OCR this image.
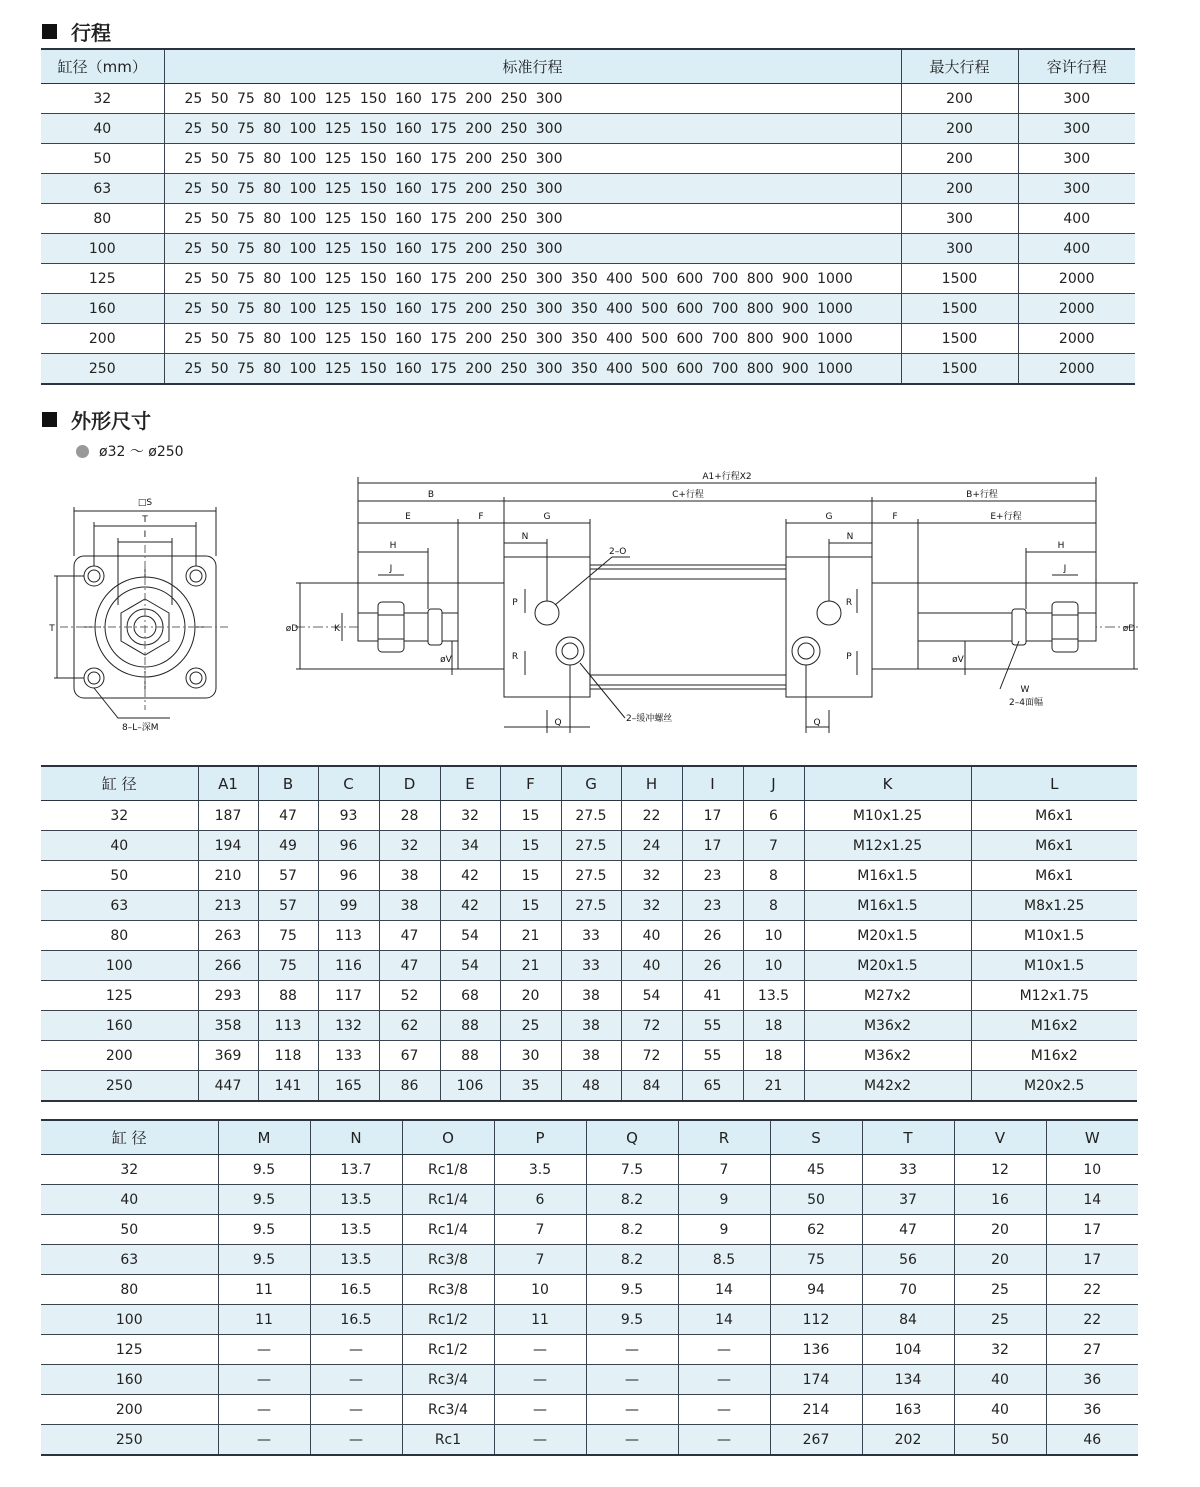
行程
缸径（mm）	标准行程	最大行程	容许行程
32	25 50 75 80 100 125 150 160 175 200 250 300	200	300
40	25 50 75 80 100 125 150 160 175 200 250 300	200	300
50	25 50 75 80 100 125 150 160 175 200 250 300	200	300
63	25 50 75 80 100 125 150 160 175 200 250 300	200	300
80	25 50 75 80 100 125 150 160 175 200 250 300	300	400
100	25 50 75 80 100 125 150 160 175 200 250 300	300	400
125	25 50 75 80 100 125 150 160 175 200 250 300 350 400 500 600 700 800 900 1000	1500	2000
160	25 50 75 80 100 125 150 160 175 200 250 300 350 400 500 600 700 800 900 1000	1500	2000
200	25 50 75 80 100 125 150 160 175 200 250 300 350 400 500 600 700 800 900 1000	1500	2000
250	25 50 75 80 100 125 150 160 175 200 250 300 350 400 500 600 700 800 900 1000	1500	2000
外形尺寸
ø32 ～ ø250
□S
T
I
T
8–L–深M
A1+行程X2
B	C+行程	B+行程
E	F	G	G	F	E+行程
N	N
H	H
J	J
2–O
øD	øD
K
øV	øV
P
R
R
P
Q	Q
2–缓冲螺丝
W
2–4面幅
缸 径	A1	B	C	D	E	F	G	H	I	J	K	L
32	187	47	93	28	32	15	27.5	22	17	6	M10x1.25	M6x1
40	194	49	96	32	34	15	27.5	24	17	7	M12x1.25	M6x1
50	210	57	96	38	42	15	27.5	32	23	8	M16x1.5	M6x1
63	213	57	99	38	42	15	27.5	32	23	8	M16x1.5	M8x1.25
80	263	75	113	47	54	21	33	40	26	10	M20x1.5	M10x1.5
100	266	75	116	47	54	21	33	40	26	10	M20x1.5	M10x1.5
125	293	88	117	52	68	20	38	54	41	13.5	M27x2	M12x1.75
160	358	113	132	62	88	25	38	72	55	18	M36x2	M16x2
200	369	118	133	67	88	30	38	72	55	18	M36x2	M16x2
250	447	141	165	86	106	35	48	84	65	21	M42x2	M20x2.5
缸 径	M	N	O	P	Q	R	S	T	V	W
32	9.5	13.7	Rc1/8	3.5	7.5	7	45	33	12	10
40	9.5	13.5	Rc1/4	6	8.2	9	50	37	16	14
50	9.5	13.5	Rc1/4	7	8.2	9	62	47	20	17
63	9.5	13.5	Rc3/8	7	8.2	8.5	75	56	20	17
80	11	16.5	Rc3/8	10	9.5	14	94	70	25	22
100	11	16.5	Rc1/2	11	9.5	14	112	84	25	22
125	—	—	Rc1/2	—	—	—	136	104	32	27
160	—	—	Rc3/4	—	—	—	174	134	40	36
200	—	—	Rc3/4	—	—	—	214	163	40	36
250	—	—	Rc1	—	—	—	267	202	50	46
